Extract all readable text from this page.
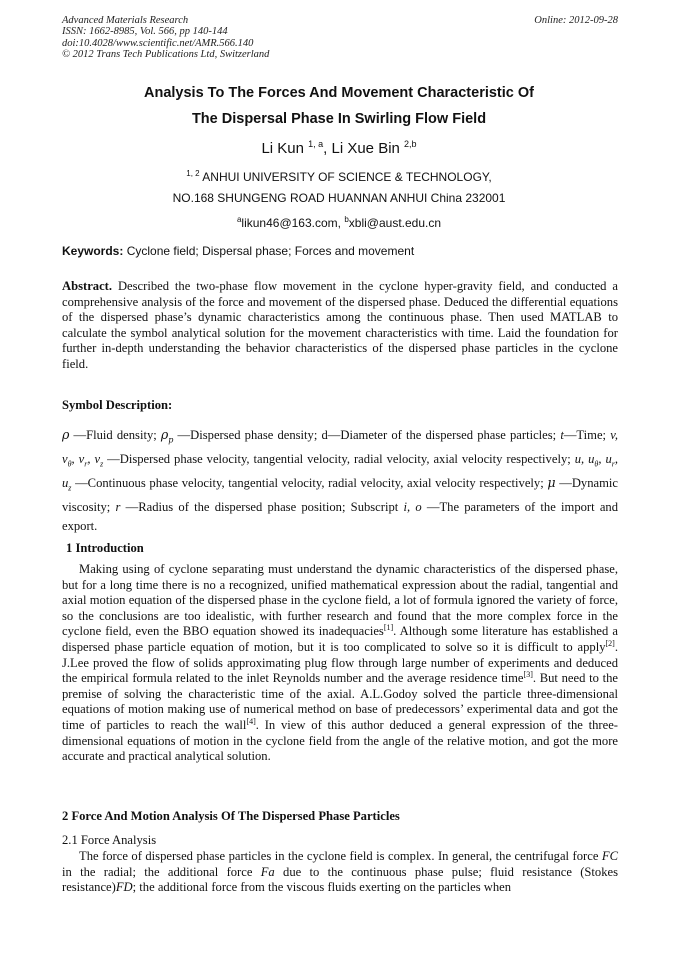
Advanced Materials Research
ISSN: 1662-8985, Vol. 566, pp 140-144
doi:10.4028/www.scientific.net/AMR.566.140
© 2012 Trans Tech Publications Ltd, Switzerland
Online: 2012-09-28
Analysis To The Forces And Movement Characteristic Of
The Dispersal Phase In Swirling Flow Field
Li Kun $^{1, a}$, Li Xue Bin $^{2,b}$
$^{1, 2}$ ANHUI UNIVERSITY OF SCIENCE & TECHNOLOGY,
NO.168 SHUNGENG ROAD HUANNAN ANHUI China 232001
$^a$likun46@163.com, $^b$xbli@aust.edu.cn
Keywords: Cyclone field; Dispersal phase; Forces and movement

Abstract. Described the two-phase flow movement in the cyclone hyper-gravity field, and conducted a comprehensive analysis of the force and movement of the dispersed phase. Deduced the differential equations of the dispersed phase’s dynamic characteristics among the continuous phase. Then used MATLAB to calculate the symbol analytical solution for the movement characteristics with time. Laid the foundation for further in-depth understanding the behavior characteristics of the dispersed phase particles in the cyclone field.

Symbol Description:

ρ —Fluid density; $\rho_p$ —Dispersed phase density; d—Diameter of the dispersed phase particles; t—Time; v, $v_\theta$, $v_r$, $v_z$ —Dispersed phase velocity, tangential velocity, radial velocity, axial velocity respectively; u, $u_\theta$, $u_r$, $u_z$ —Continuous phase velocity, tangential velocity, radial velocity, axial velocity respectively; μ —Dynamic viscosity; r —Radius of the dispersed phase position; Subscript i, o —The parameters of the import and export.

1 Introduction

Making using of cyclone separating must understand the dynamic characteristics of the dispersed phase, but for a long time there is no a recognized, unified mathematical expression about the radial, tangential and axial motion equation of the dispersed phase in the cyclone field, a lot of formula ignored the variety of force, so the conclusions are too idealistic, with further research and found that the more complex force in the cyclone field, even the BBO equation showed its inadequacies[1]. Although some literature has established a dispersed phase particle equation of motion, but it is too complicated to solve so it is difficult to apply[2]. J.Lee proved the flow of solids approximating plug flow through large number of experiments and deduced the empirical formula related to the inlet Reynolds number and the average residence time[3]. But need to the premise of solving the characteristic time of the axial. A.L.Godoy solved the particle three-dimensional equations of motion making use of numerical method on base of predecessors’ experimental data and got the time of particles to reach the wall[4]. In view of this author deduced a general expression of the three-dimensional equations of motion in the cyclone field from the angle of the relative motion, and got the more accurate and practical analytical solution.

2 Force And Motion Analysis Of The Dispersed Phase Particles
2.1 Force Analysis

The force of dispersed phase particles in the cyclone field is complex. In general, the centrifugal force FC in the radial; the additional force Fa due to the continuous phase pulse; fluid resistance (Stokes resistance)FD; the additional force from the viscous fluids exerting on the particles when
